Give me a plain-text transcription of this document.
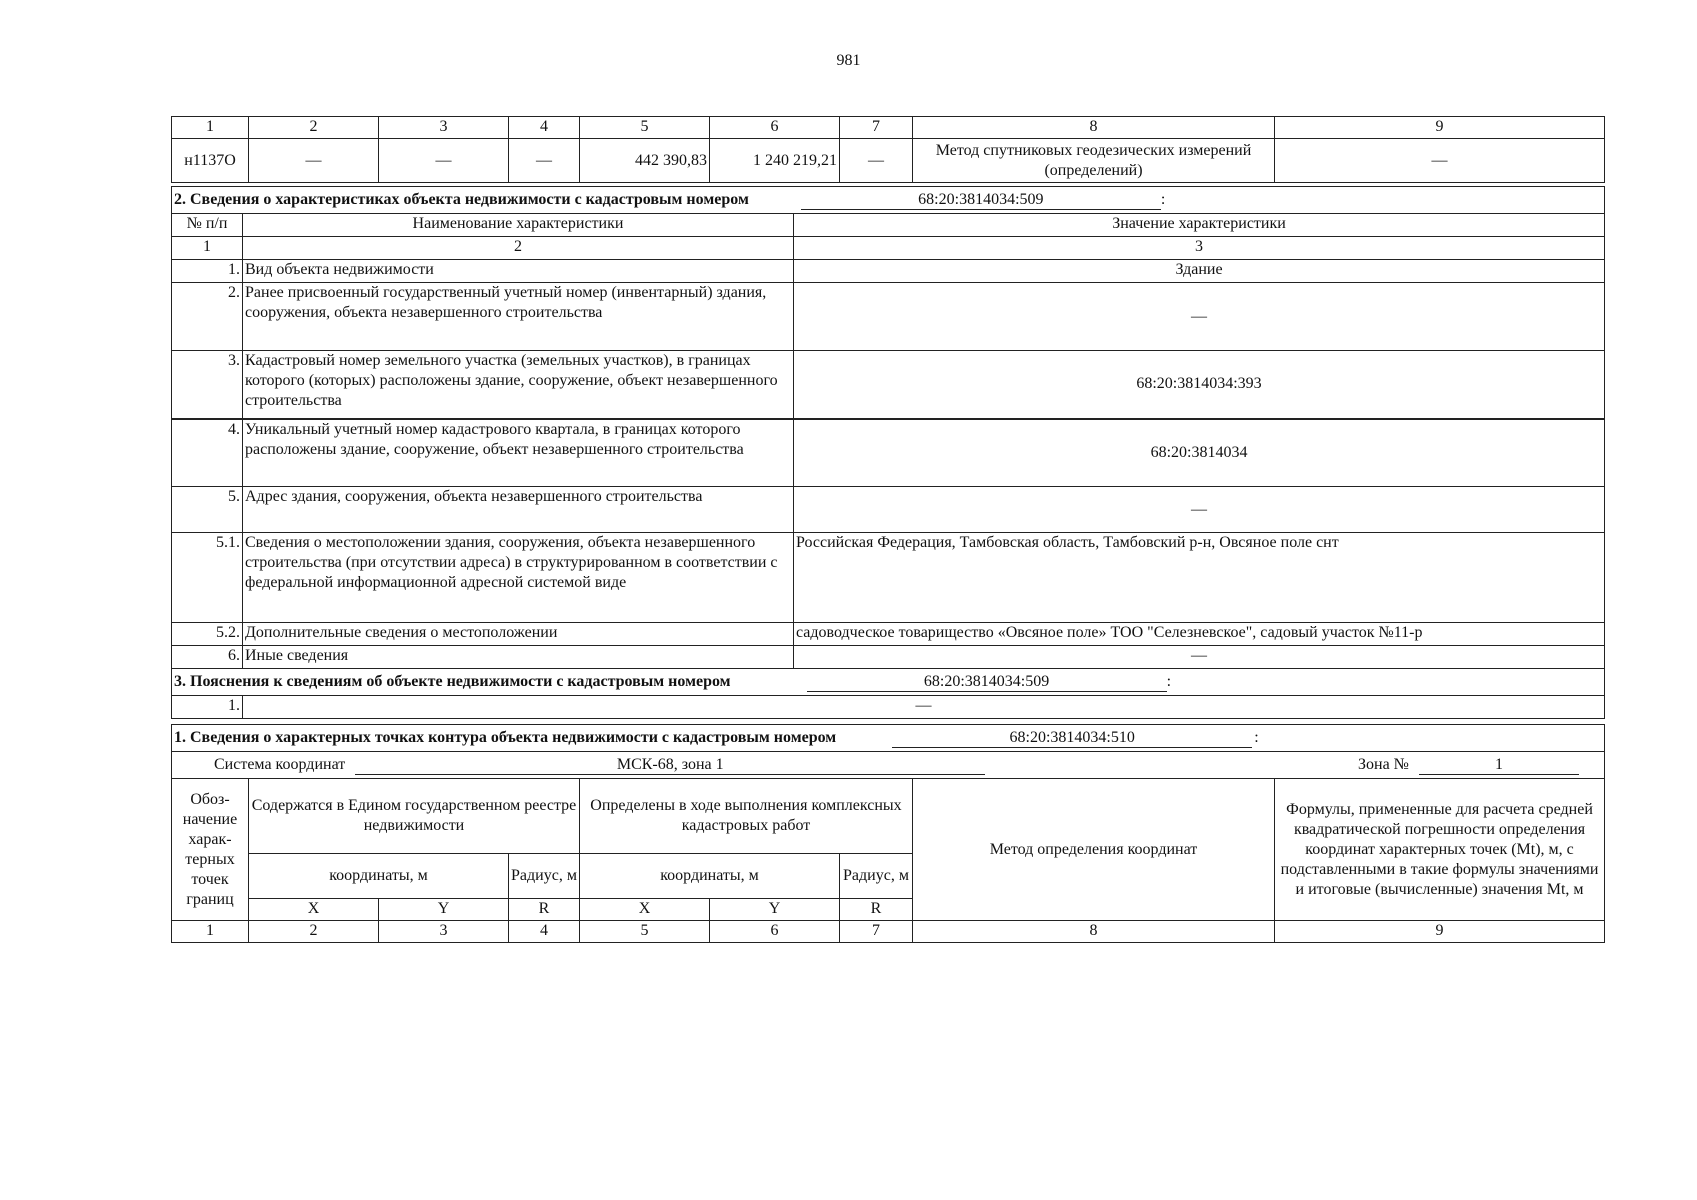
981
1	2	3	4	5	6	7	8	9
н1137О	—	—	—	442 390,83	1 240 219,21	—	Метод спутниковых геодезических измерений (определений)	—
2. Сведения о характеристиках объекта недвижимости с кадастровым номером 68:20:3814034:509 :		
№ п/п	Наименование характеристики	Значение характеристики
1	2	3
1.	Вид объекта недвижимости	Здание
2.	Ранее присвоенный государственный учетный номер (инвентарный) здания, сооружения, объекта незавершенного строительства	—
3.	Кадастровый номер земельного участка (земельных участков), в границах которого (которых) расположены здание, сооружение, объект незавершенного строительства	68:20:3814034:393
4.	Уникальный учетный номер кадастрового квартала, в границах которого расположены здание, сооружение, объект незавершенного строительства	68:20:3814034
5.	Адрес здания, сооружения, объекта незавершенного строительства	—
5.1.	Сведения о местоположении здания, сооружения, объекта незавершенного строительства (при отсутствии адреса) в структурированном в соответствии с федеральной информационной адресной системой виде	Российская Федерация, Тамбовская область, Тамбовский р-н, Овсяное поле снт
5.2.	Дополнительные сведения о местоположении	садоводческое товарищество «Овсяное поле» ТОО "Селезневское", садовый участок №11-р
6.	Иные сведения	—
3. Пояснения к сведениям об объекте недвижимости с кадастровым номером	68:20:3814034:509	:
1.	—
1. Сведения о характерных точках контура объекта недвижимости с кадастровым номером 68:20:3814034:510 :								
Система координат МСК-68, зона 1 Зона № 1								
Обоз-начение харак-терных точек границ	Содержатся в Едином государственном реестре недвижимости			Определены в ходе выполнения комплексных кадастровых работ			Метод определения координат	Формулы, примененные для расчета средней квадратической погрешности определения координат характерных точек (Mt), м, с подставленными в такие формулы значениями и итоговые (вычисленные) значения Mt, м
	координаты, м		Радиус, м	координаты, м		Радиус, м		
	X	Y	R	X	Y	R		
1	2	3	4	5	6	7	8	9
